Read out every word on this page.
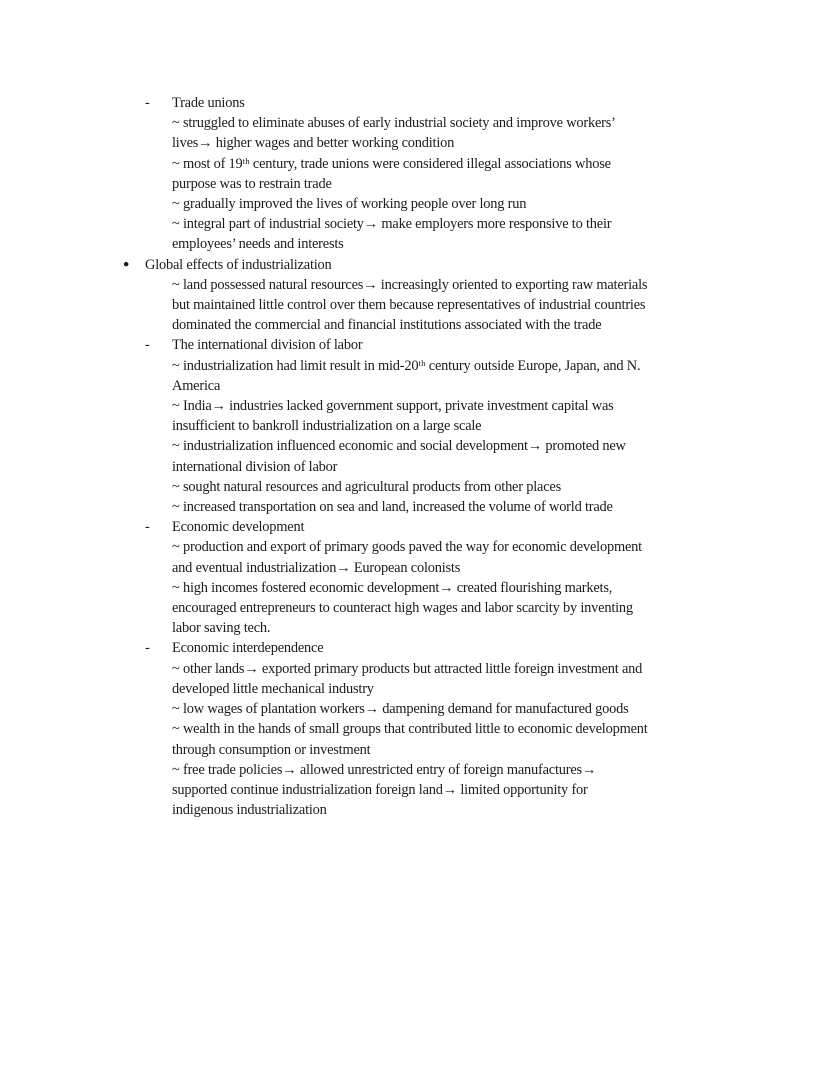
- Trade unions
~ struggled to eliminate abuses of early industrial society and improve workers’
lives→ higher wages and better working condition
~ most of 19ᵗʰ century, trade unions were considered illegal associations whose
purpose was to restrain trade
~ gradually improved the lives of working people over long run
~ integral part of industrial society→ make employers more responsive to their
employees’ needs and interests
● Global effects of industrialization
~ land possessed natural resources→ increasingly oriented to exporting raw materials
but maintained little control over them because representatives of industrial countries
dominated the commercial and financial institutions associated with the trade
- The international division of labor
~ industrialization had limit result in mid-20ᵗʰ century outside Europe, Japan, and N.
America
~ India→ industries lacked government support, private investment capital was
insufficient to bankroll industrialization on a large scale
~ industrialization influenced economic and social development→ promoted new
international division of labor
~ sought natural resources and agricultural products from other places
~ increased transportation on sea and land, increased the volume of world trade
- Economic development
~ production and export of primary goods paved the way for economic development
and eventual industrialization→ European colonists
~ high incomes fostered economic development→ created flourishing markets,
encouraged entrepreneurs to counteract high wages and labor scarcity by inventing
labor saving tech.
- Economic interdependence
~ other lands→ exported primary products but attracted little foreign investment and
developed little mechanical industry
~ low wages of plantation workers→ dampening demand for manufactured goods
~ wealth in the hands of small groups that contributed little to economic development
through consumption or investment
~ free trade policies→ allowed unrestricted entry of foreign manufactures→
supported continue industrialization foreign land→ limited opportunity for
indigenous industrialization
